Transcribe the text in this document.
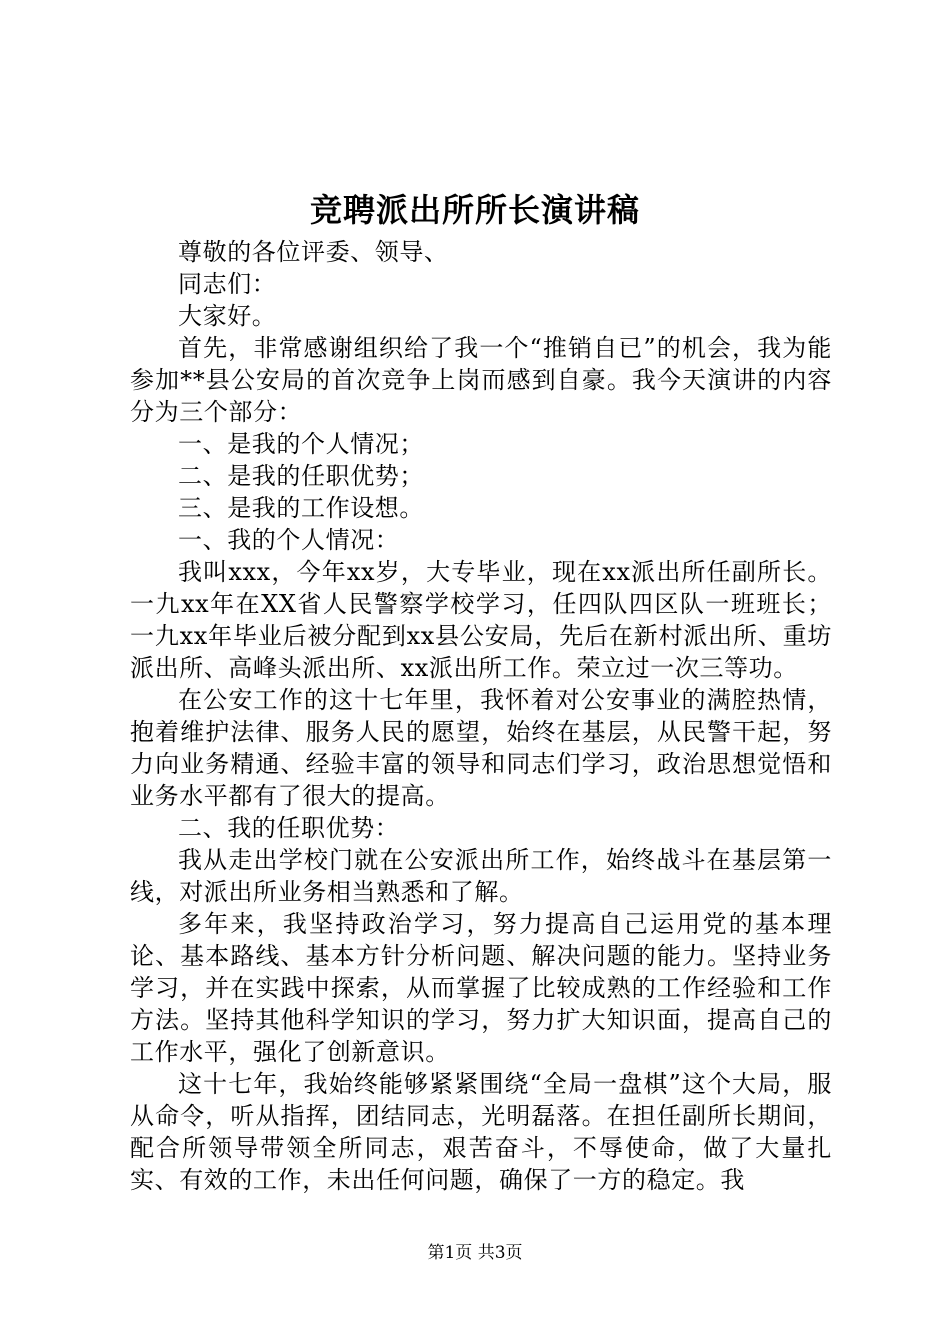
竞聘派出所所长演讲稿

尊敬的各位评委、领导、

同志们：

大家好。

首先，非常感谢组织给了我一个“推销自已”的机会，我为能参加**县公安局的首次竞争上岗而感到自豪。我今天演讲的内容分为三个部分：

一、是我的个人情况；

二、是我的任职优势；

三、是我的工作设想。

一、我的个人情况：

我叫xxx，今年xx岁，大专毕业，现在xx派出所任副所长。一九xx年在XX省人民警察学校学习，任四队四区队一班班长；一九xx年毕业后被分配到xx县公安局，先后在新村派出所、重坊派出所、高峰头派出所、xx派出所工作。荣立过一次三等功。

在公安工作的这十七年里，我怀着对公安事业的满腔热情，抱着维护法律、服务人民的愿望，始终在基层，从民警干起，努力向业务精通、经验丰富的领导和同志们学习，政治思想觉悟和业务水平都有了很大的提高。

二、我的任职优势：

我从走出学校门就在公安派出所工作，始终战斗在基层第一线，对派出所业务相当熟悉和了解。

多年来，我坚持政治学习，努力提高自己运用党的基本理论、基本路线、基本方针分析问题、解决问题的能力。坚持业务学习，并在实践中探索，从而掌握了比较成熟的工作经验和工作方法。坚持其他科学知识的学习，努力扩大知识面，提高自己的工作水平，强化了创新意识。

这十七年，我始终能够紧紧围绕“全局一盘棋”这个大局，服从命令，听从指挥，团结同志，光明磊落。在担任副所长期间，配合所领导带领全所同志，艰苦奋斗，不辱使命，做了大量扎实、有效的工作，未出任何问题，确保了一方的稳定。我

第1页 共3页
